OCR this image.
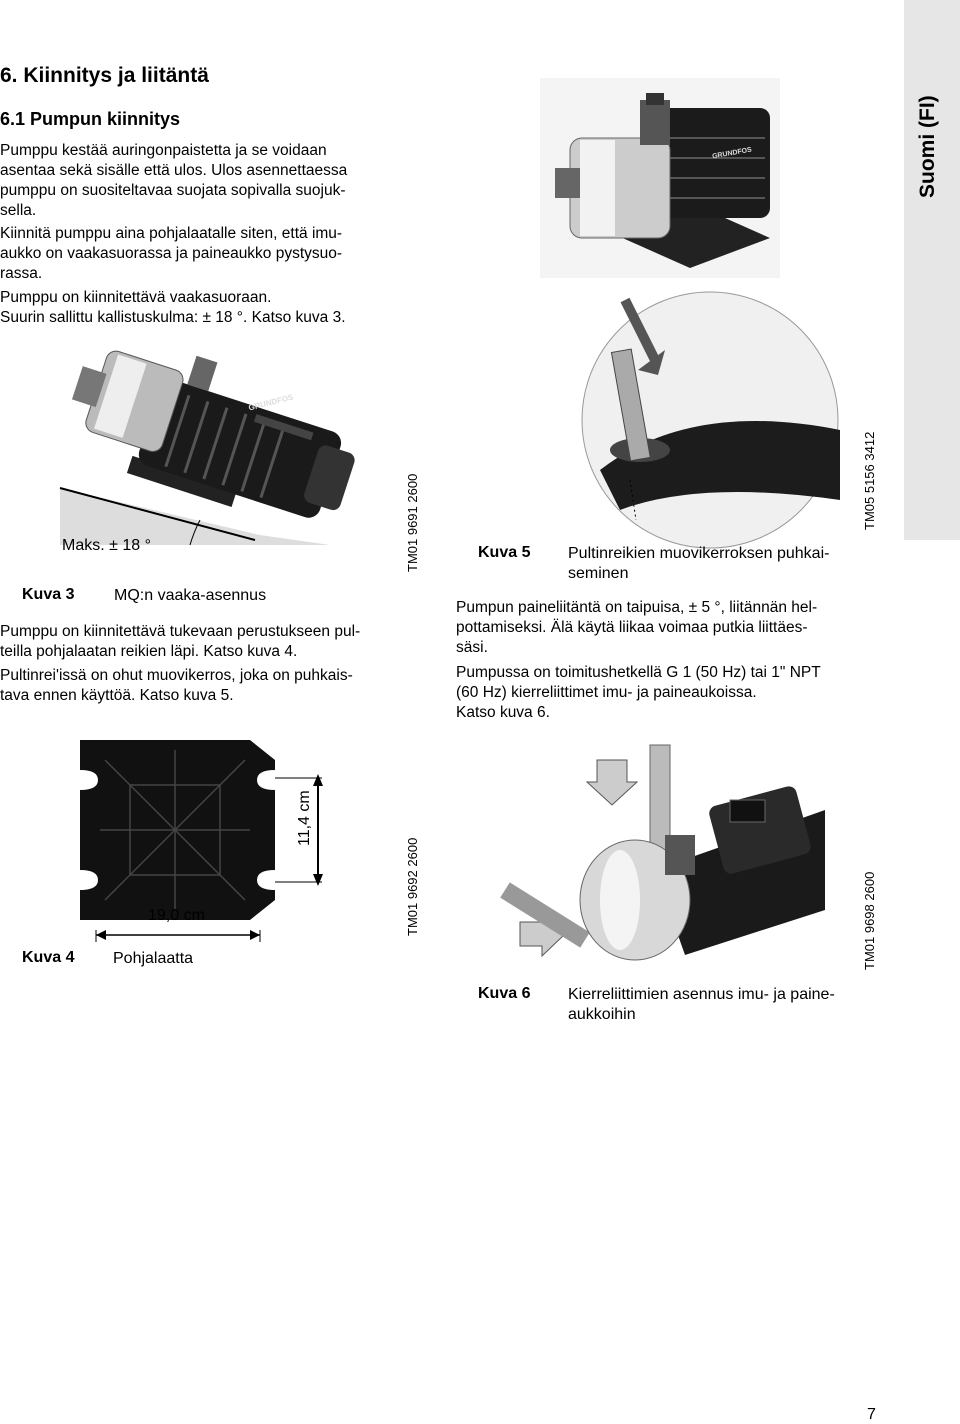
Suomi (FI)
6. Kiinnitys ja liitäntä
6.1 Pumpun kiinnitys
Pumppu kestää auringonpaistetta ja se voidaan
asentaa sekä sisälle että ulos. Ulos asennettaessa
pumppu on suositeltavaa suojata sopivalla suojuk-
sella.
Kiinnitä pumppu aina pohjalaatalle siten, että imu-
aukko on vaakasuorassa ja paineaukko pystysuo-
rassa.
Pumppu on kiinnitettävä vaakasuoraan.
Suurin sallittu kallistuskulma: ± 18 °. Katso kuva 3.
GRUNDFOS
Maks. ± 18 °	TM01 9691 2600
Kuva 3 MQ:n vaaka-asennus
Pumppu on kiinnitettävä tukevaan perustukseen pul-
teilla pohjalaatan reikien läpi. Katso kuva 4.
Pultinrei'issä on ohut muovikerros, joka on puhkais-
tava ennen käyttöä. Katso kuva 5.
GRUNDFOS
TM05 5156 3412
Kuva 5 Pultinreikien muovikerroksen puhkai-
seminen
Pumpun paineliitäntä on taipuisa, ± 5 °, liitännän hel-
pottamiseksi. Älä käytä liikaa voimaa putkia liittäes-
säsi.
Pumpussa on toimitushetkellä G 1 (50 Hz) tai 1" NPT
(60 Hz) kierreliittimet imu- ja paineaukoissa.
Katso kuva 6.
19,0 cm
11,4 cm
TM01 9692 2600
Kuva 4 Pohjalaatta	TM01 9698 2600
Kuva 6 Kierreliittimien asennus imu- ja paine-
aukkoihin
7
